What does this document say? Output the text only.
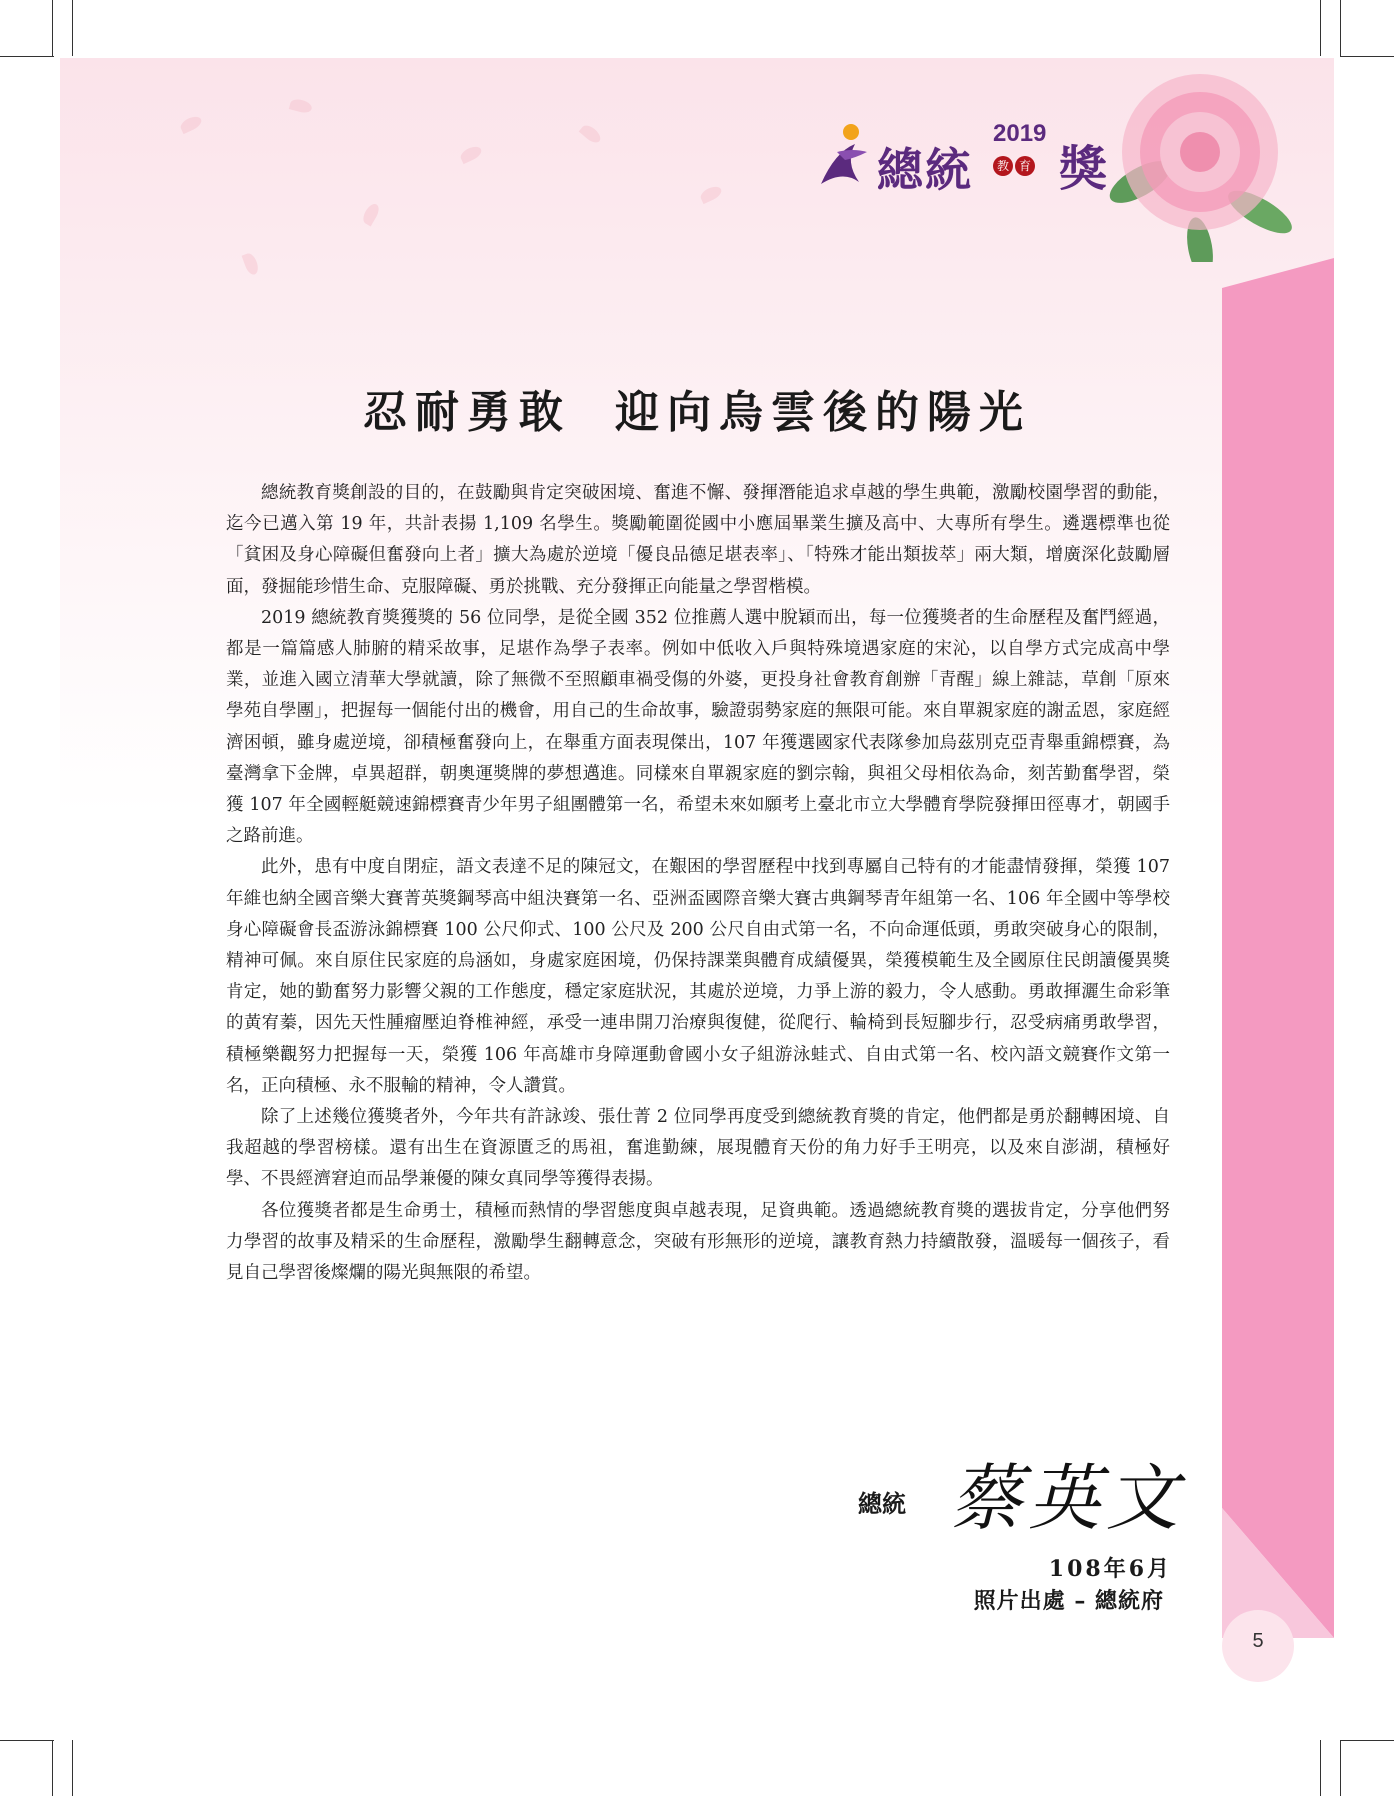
總統
2019
教 育 獎
忍耐勇敢 迎向烏雲後的陽光

總統教育獎創設的目的，在鼓勵與肯定突破困境、奮進不懈、發揮潛能追求卓越的學生典範，激勵校園學習的動能，迄今已邁入第 19 年，共計表揚 1,109 名學生。獎勵範圍從國中小應屆畢業生擴及高中、大專所有學生。遴選標準也從「貧困及身心障礙但奮發向上者」擴大為處於逆境「優良品德足堪表率」、「特殊才能出類拔萃」兩大類，增廣深化鼓勵層面，發掘能珍惜生命、克服障礙、勇於挑戰、充分發揮正向能量之學習楷模。

2019 總統教育獎獲獎的 56 位同學，是從全國 352 位推薦人選中脫穎而出，每一位獲獎者的生命歷程及奮鬥經過，都是一篇篇感人肺腑的精采故事，足堪作為學子表率。例如中低收入戶與特殊境遇家庭的宋沁，以自學方式完成高中學業，並進入國立清華大學就讀，除了無微不至照顧車禍受傷的外婆，更投身社會教育創辦「青醒」線上雜誌，草創「原來學苑自學團」，把握每一個能付出的機會，用自己的生命故事，驗證弱勢家庭的無限可能。來自單親家庭的謝孟恩，家庭經濟困頓，雖身處逆境，卻積極奮發向上，在舉重方面表現傑出，107 年獲選國家代表隊參加烏茲別克亞青舉重錦標賽，為臺灣拿下金牌，卓異超群，朝奧運獎牌的夢想邁進。同樣來自單親家庭的劉宗翰，與祖父母相依為命，刻苦勤奮學習，榮獲 107 年全國輕艇競速錦標賽青少年男子組團體第一名，希望未來如願考上臺北市立大學體育學院發揮田徑專才，朝國手之路前進。

此外，患有中度自閉症，語文表達不足的陳冠文，在艱困的學習歷程中找到專屬自己特有的才能盡情發揮，榮獲 107 年維也納全國音樂大賽菁英獎鋼琴高中組決賽第一名、亞洲盃國際音樂大賽古典鋼琴青年組第一名、106 年全國中等學校身心障礙會長盃游泳錦標賽 100 公尺仰式、100 公尺及 200 公尺自由式第一名，不向命運低頭，勇敢突破身心的限制，精神可佩。來自原住民家庭的烏涵如，身處家庭困境，仍保持課業與體育成績優異，榮獲模範生及全國原住民朗讀優異獎肯定，她的勤奮努力影響父親的工作態度，穩定家庭狀況，其處於逆境，力爭上游的毅力，令人感動。勇敢揮灑生命彩筆的黃宥蓁，因先天性腫瘤壓迫脊椎神經，承受一連串開刀治療與復健，從爬行、輪椅到長短腳步行，忍受病痛勇敢學習，積極樂觀努力把握每一天，榮獲 106 年高雄市身障運動會國小女子組游泳蛙式、自由式第一名、校內語文競賽作文第一名，正向積極、永不服輸的精神，令人讚賞。

除了上述幾位獲獎者外，今年共有許詠竣、張仕菁 2 位同學再度受到總統教育獎的肯定，他們都是勇於翻轉困境、自我超越的學習榜樣。還有出生在資源匱乏的馬祖，奮進勤練，展現體育天份的角力好手王明亮，以及來自澎湖，積極好學、不畏經濟窘迫而品學兼優的陳女真同學等獲得表揚。

各位獲獎者都是生命勇士，積極而熱情的學習態度與卓越表現，足資典範。透過總統教育獎的選拔肯定，分享他們努力學習的故事及精采的生命歷程，激勵學生翻轉意念，突破有形無形的逆境，讓教育熱力持續散發，溫暖每一個孩子，看見自己學習後燦爛的陽光與無限的希望。

總統 蔡英文
108年6月
照片出處 – 總統府
5
